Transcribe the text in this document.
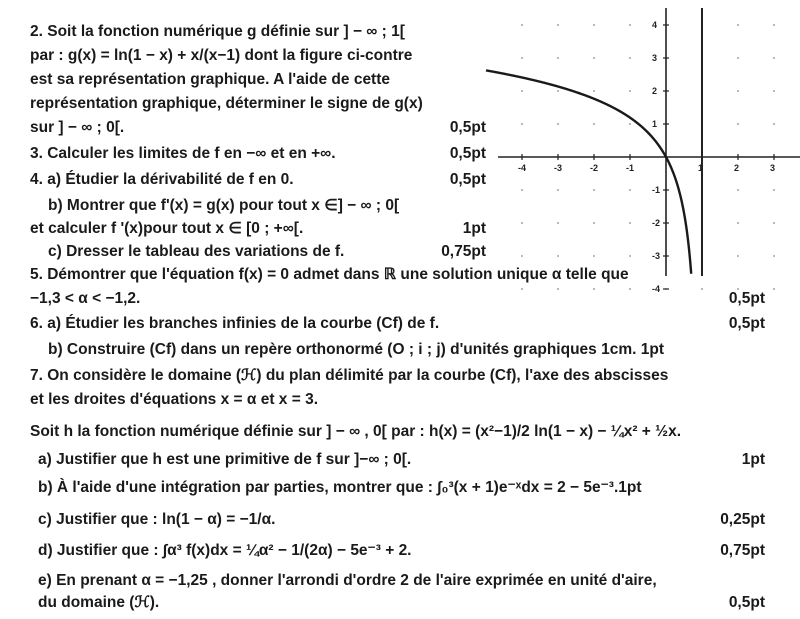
2. Soit la fonction numérique g définie sur ] − ∞ ; 1[
par : g(x) = ln(1 − x) + x/(x−1) dont la figure ci-contre
est sa représentation graphique. A l'aide de cette
représentation graphique, déterminer le signe de g(x)
sur ] − ∞ ; 0[.	0,5pt
3. Calculer les limites de f en −∞ et en +∞.	0,5pt
4. a) Étudier la dérivabilité de f en 0.	0,5pt
b) Montrer que f'(x) = g(x) pour tout x ∈] − ∞ ; 0[
et calculer f '(x)pour tout x ∈ [0 ; +∞[.	1pt
c) Dresser le tableau des variations de f.	0,75pt
5. Démontrer que l'équation f(x) = 0 admet dans ℝ une solution unique α telle que
−1,3 < α < −1,2.	0,5pt
6. a) Étudier les branches infinies de la courbe (Cf) de f.	0,5pt
b) Construire (Cf) dans un repère orthonormé (O ; i ; j) d'unités graphiques 1cm. 1pt
7. On considère le domaine (ℋ) du plan délimité par la courbe (Cf), l'axe des abscisses
et les droites d'équations x = α et x = 3.
Soit h la fonction numérique définie sur ] − ∞ , 0[ par : h(x) = (x²−1)/2 ln(1 − x) − ¼x² + ½x.
a) Justifier que h est une primitive de f sur ]−∞ ; 0[.	1pt
b) À l'aide d'une intégration par parties, montrer que : ∫₀³(x + 1)e⁻ˣdx = 2 − 5e⁻³.1pt
c) Justifier que : ln(1 − α) = −1/α.	0,25pt
d) Justifier que : ∫α³ f(x)dx = ¼α² − 1/(2α) − 5e⁻³ + 2.	0,75pt
e) En prenant α = −1,25 , donner l'arrondi d'ordre 2 de l'aire exprimée en unité d'aire,
du domaine (ℋ).	0,5pt
-4	-3	-2	-1	1	2	3
4
3
2
1
-1
-2
-3
-4
